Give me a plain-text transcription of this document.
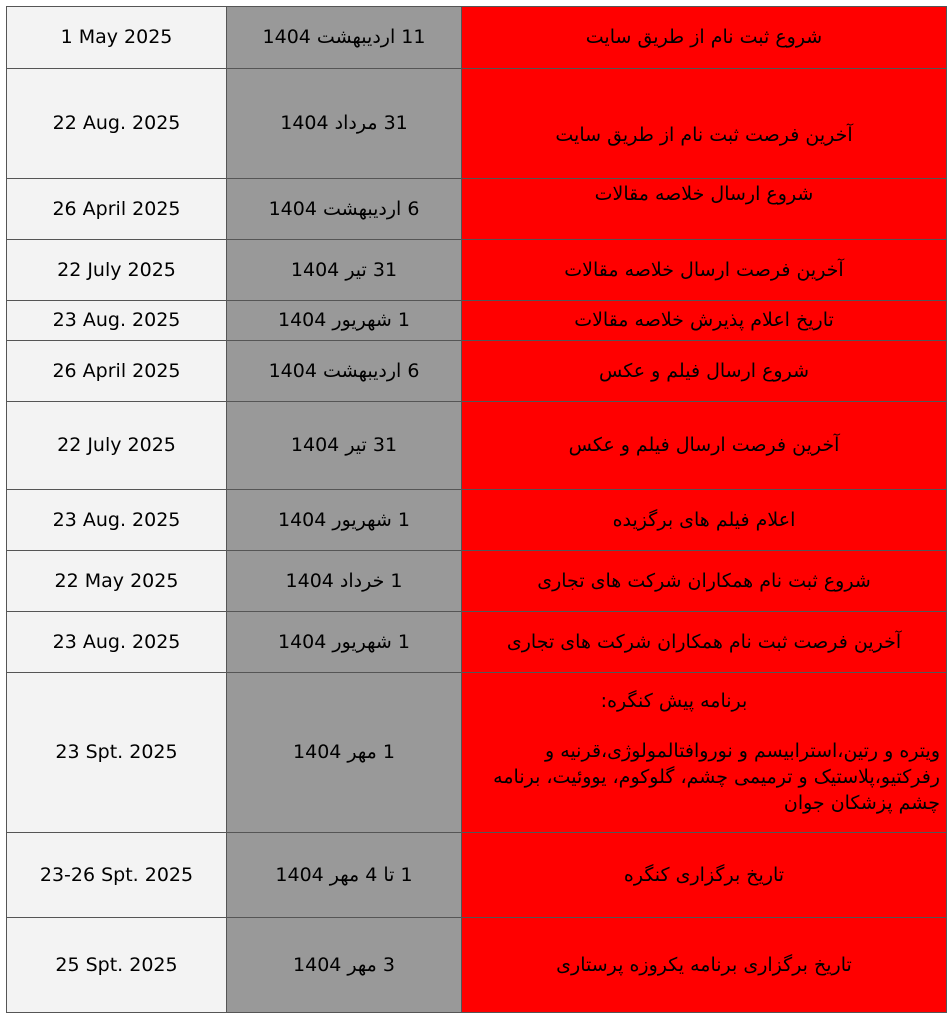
1 May 2025	11 اردیبهشت 1404	شروع ثبت نام از طریق سایت

22 Aug. 2025	31 مرداد 1404	آخرین فرصت ثبت نام از طریق سایت

26 April 2025	6 اردیبهشت 1404	شروع ارسال خلاصه مقالات

22 July 2025	31 تیر 1404	آخرین فرصت ارسال خلاصه مقالات

23 Aug. 2025	1 شهریور 1404	تاریخ اعلام پذیرش خلاصه مقالات

26 April 2025	6 اردیبهشت 1404	شروع ارسال فیلم و عکس

22 July 2025	31 تیر 1404	آخرین فرصت ارسال فیلم و عکس

23 Aug. 2025	1 شهریور 1404	اعلام فیلم های برگزیده

22 May 2025	1 خرداد 1404	شروع ثبت نام همکاران شرکت های تجاری

23 Aug. 2025	1 شهریور 1404	آخرین فرصت ثبت نام همکاران شرکت های تجاری

23 Spt. 2025	1 مهر 1404	برنامه پیش کنگره:
ویتره و رتین،استرابیسم و نوروافتالمولوژی،قرنیه و رفرکتیو،پلاستیک و ترمیمی چشم، گلوکوم، یووئیت، برنامه چشم پزشکان جوان

23-26 Spt. 2025	1 تا 4 مهر 1404	تاریخ برگزاری کنگره

25 Spt. 2025	3 مهر 1404	تاریخ برگزاری برنامه یکروزه پرستاری
